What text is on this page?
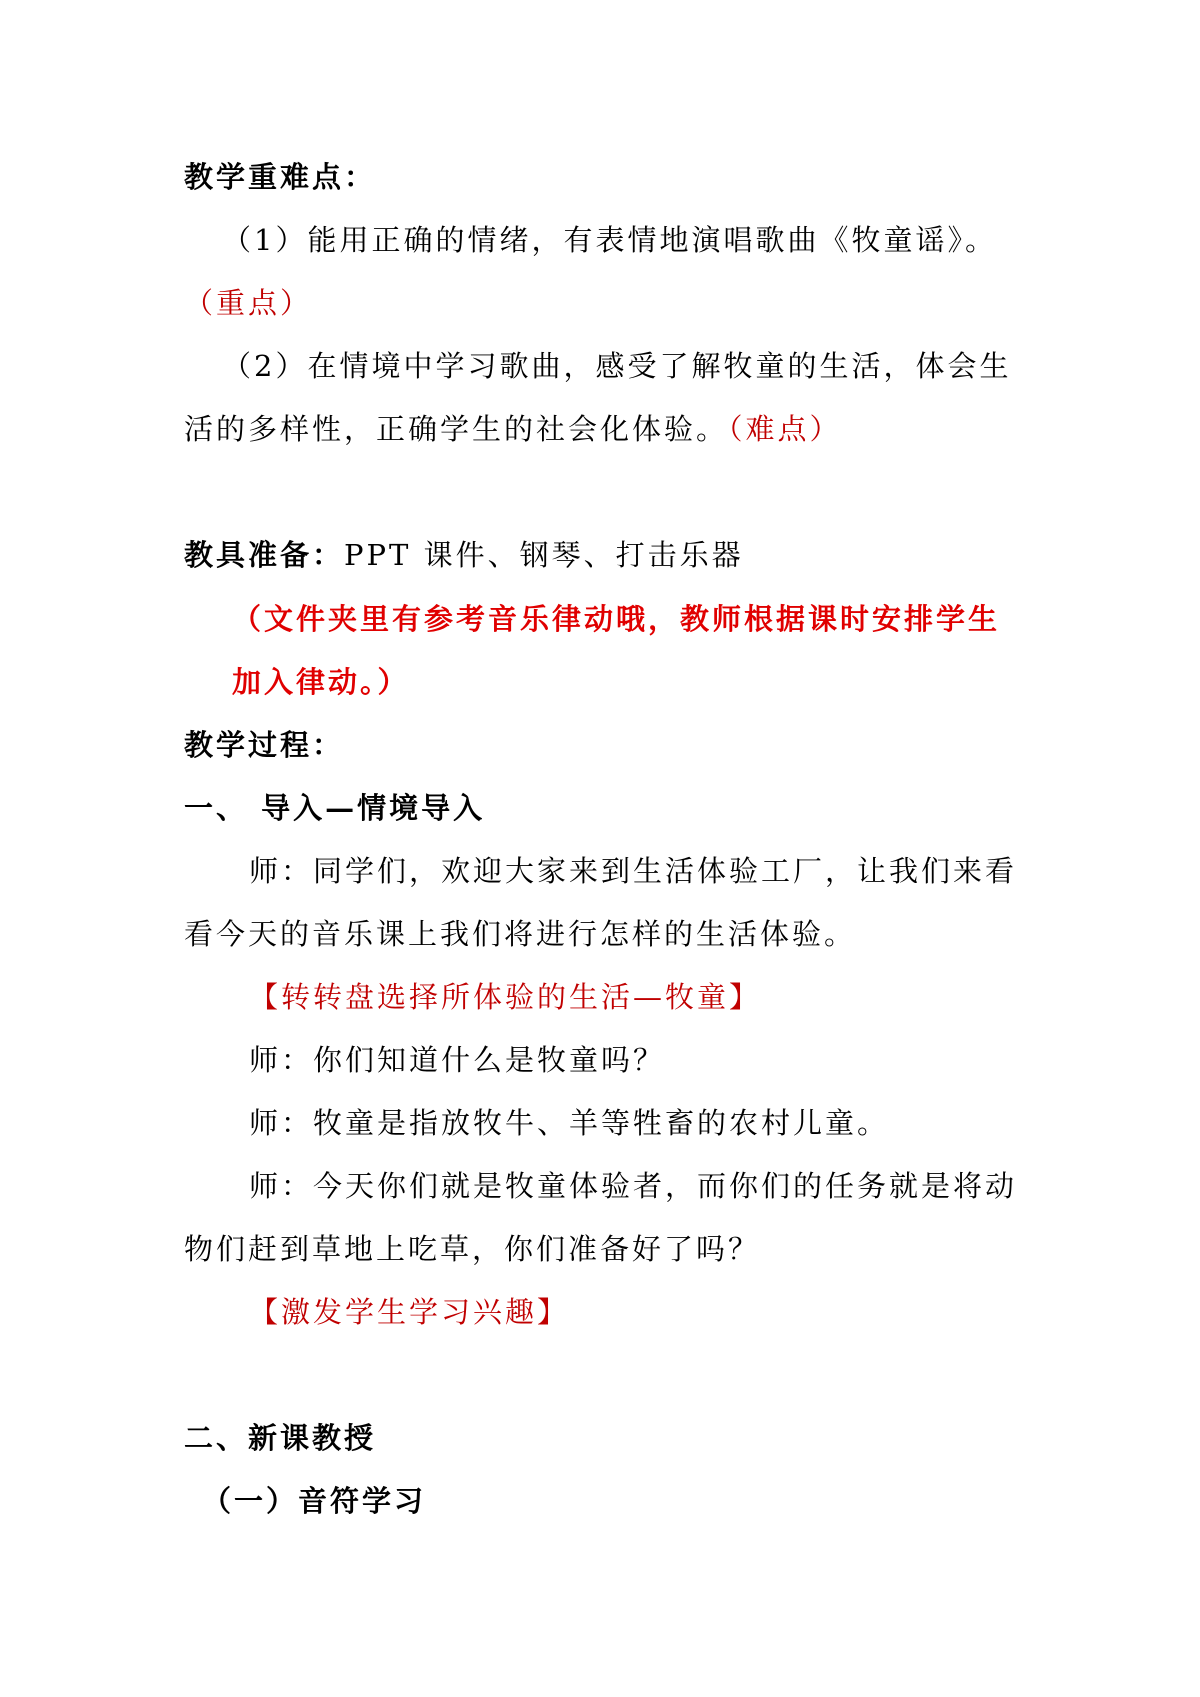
教学重难点：
（1）能用正确的情绪，有表情地演唱歌曲《牧童谣》。
（重点）
（2）在情境中学习歌曲，感受了解牧童的生活，体会生
活的多样性，正确学生的社会化体验。（难点）
教具准备：PPT 课件、钢琴、打击乐器
（文件夹里有参考音乐律动哦，教师根据课时安排学生
加入律动。）
教学过程：
一、 导入—情境导入
师：同学们，欢迎大家来到生活体验工厂，让我们来看
看今天的音乐课上我们将进行怎样的生活体验。
【转转盘选择所体验的生活—牧童】
师：你们知道什么是牧童吗？
师：牧童是指放牧牛、羊等牲畜的农村儿童。
师：今天你们就是牧童体验者，而你们的任务就是将动
物们赶到草地上吃草，你们准备好了吗？
【激发学生学习兴趣】
二、新课教授
（一）音符学习
